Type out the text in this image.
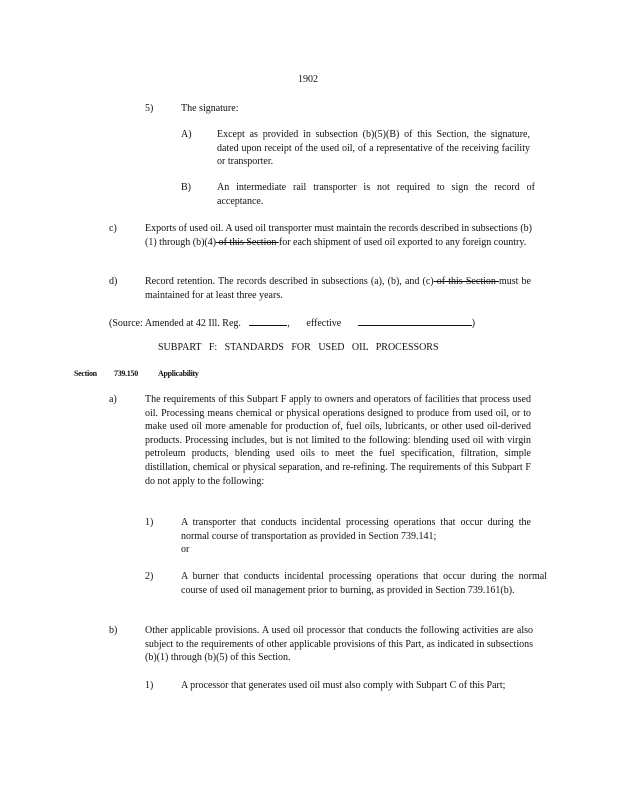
1902
5)	The signature:
A)	Except as provided in subsection (b)(5)(B) of this Section, the signature, dated upon receipt of the used oil, of a representative of the receiving facility or transporter.
B)	An intermediate rail transporter is not required to sign the record of acceptance.
c)	Exports of used oil. A used oil transporter must maintain the records described in subsections (b)(1) through (b)(4) of this Section for each shipment of used oil exported to any foreign country.
d)	Record retention. The records described in subsections (a), (b), and (c) of this Section must be maintained for at least three years.
(Source: Amended at 42 Ill. Reg.	, effective	)
SUBPART F: STANDARDS FOR USED OIL PROCESSORS
Section 739.150	Applicability
a)	The requirements of this Subpart F apply to owners and operators of facilities that process used oil. Processing means chemical or physical operations designed to produce from used oil, or to make used oil more amenable for production of, fuel oils, lubricants, or other used oil-derived products. Processing includes, but is not limited to the following: blending used oil with virgin petroleum products, blending used oils to meet the fuel specification, filtration, simple distillation, chemical or physical separation, and re-refining. The requirements of this Subpart F do not apply to the following:
1)	A transporter that conducts incidental processing operations that occur during the normal course of transportation as provided in Section 739.141;
or
2)	A burner that conducts incidental processing operations that occur during the normal course of used oil management prior to burning, as provided in Section 739.161(b).
b)	Other applicable provisions. A used oil processor that conducts the following activities are also subject to the requirements of other applicable provisions of this Part, as indicated in subsections (b)(1) through (b)(5) of this Section.
1)	A processor that generates used oil must also comply with Subpart C of this Part;
